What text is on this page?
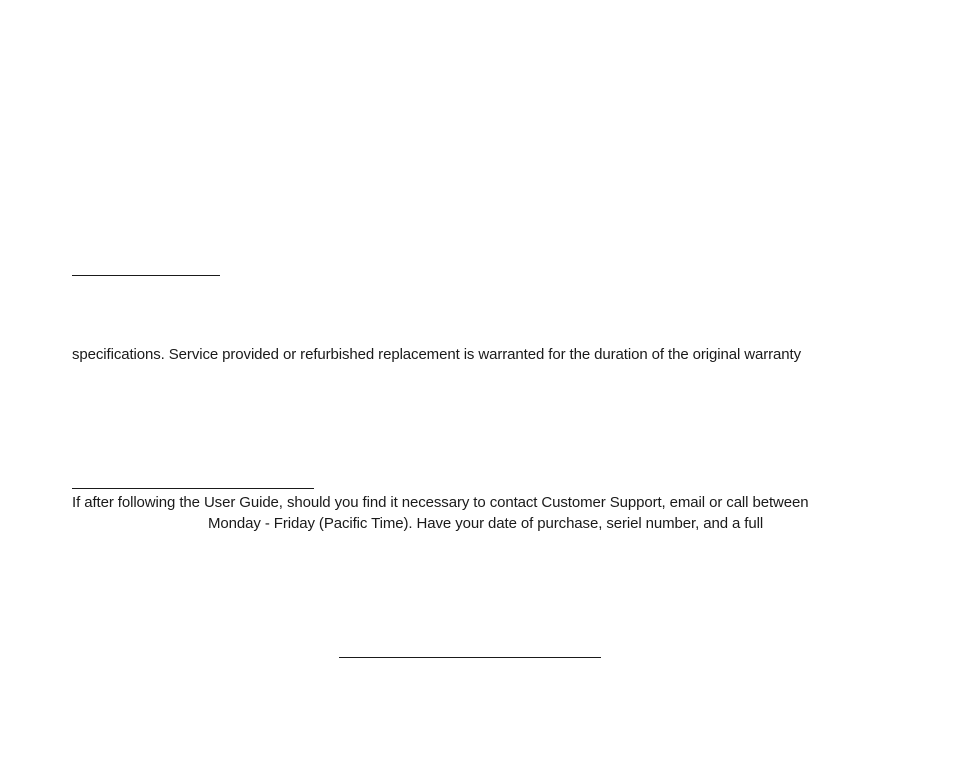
specifications. Service provided or refurbished replacement is warranted for the duration of the original warranty
If after following the User Guide, should you find it necessary to contact Customer Support, email or call between
Monday - Friday (Pacific Time). Have your date of purchase, seriel number, and a full
